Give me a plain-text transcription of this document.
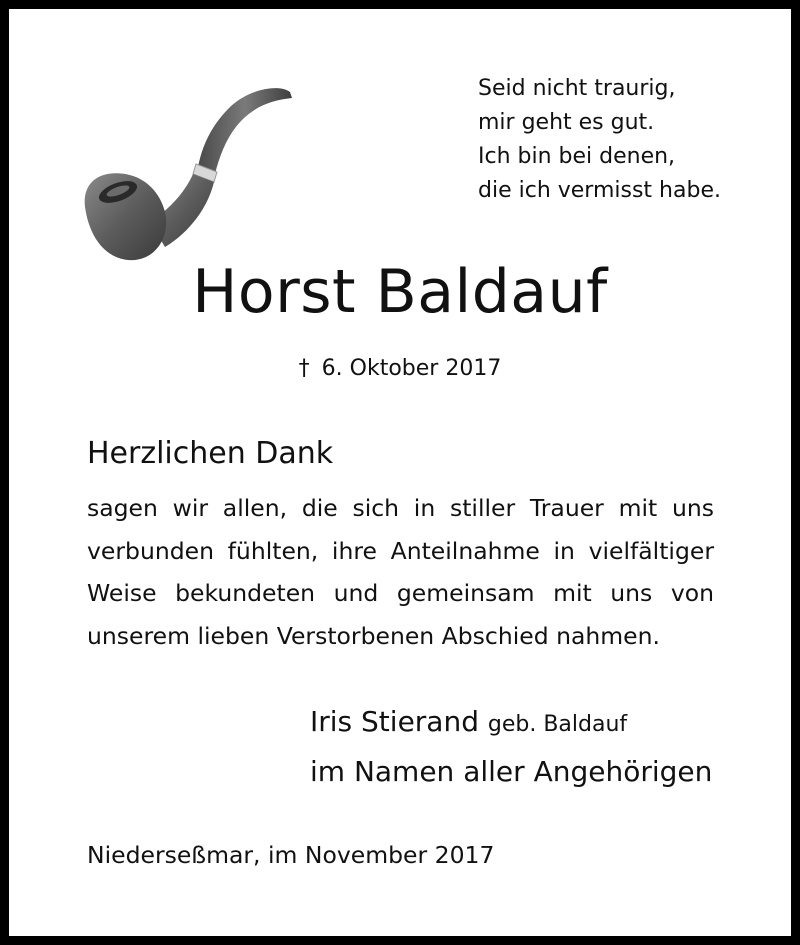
Seid nicht traurig,
mir geht es gut.
Ich bin bei denen,
die ich vermisst habe.
Horst Baldauf
† 6. Oktober 2017
Herzlichen Dank
sagen wir allen, die sich in stiller Trauer mit uns
verbunden fühlten, ihre Anteilnahme in vielfältiger
Weise bekundeten und gemeinsam mit uns von
unserem lieben Verstorbenen Abschied nahmen.
Iris Stierand geb. Baldauf
im Namen aller Angehörigen
Niederseßmar, im November 2017
